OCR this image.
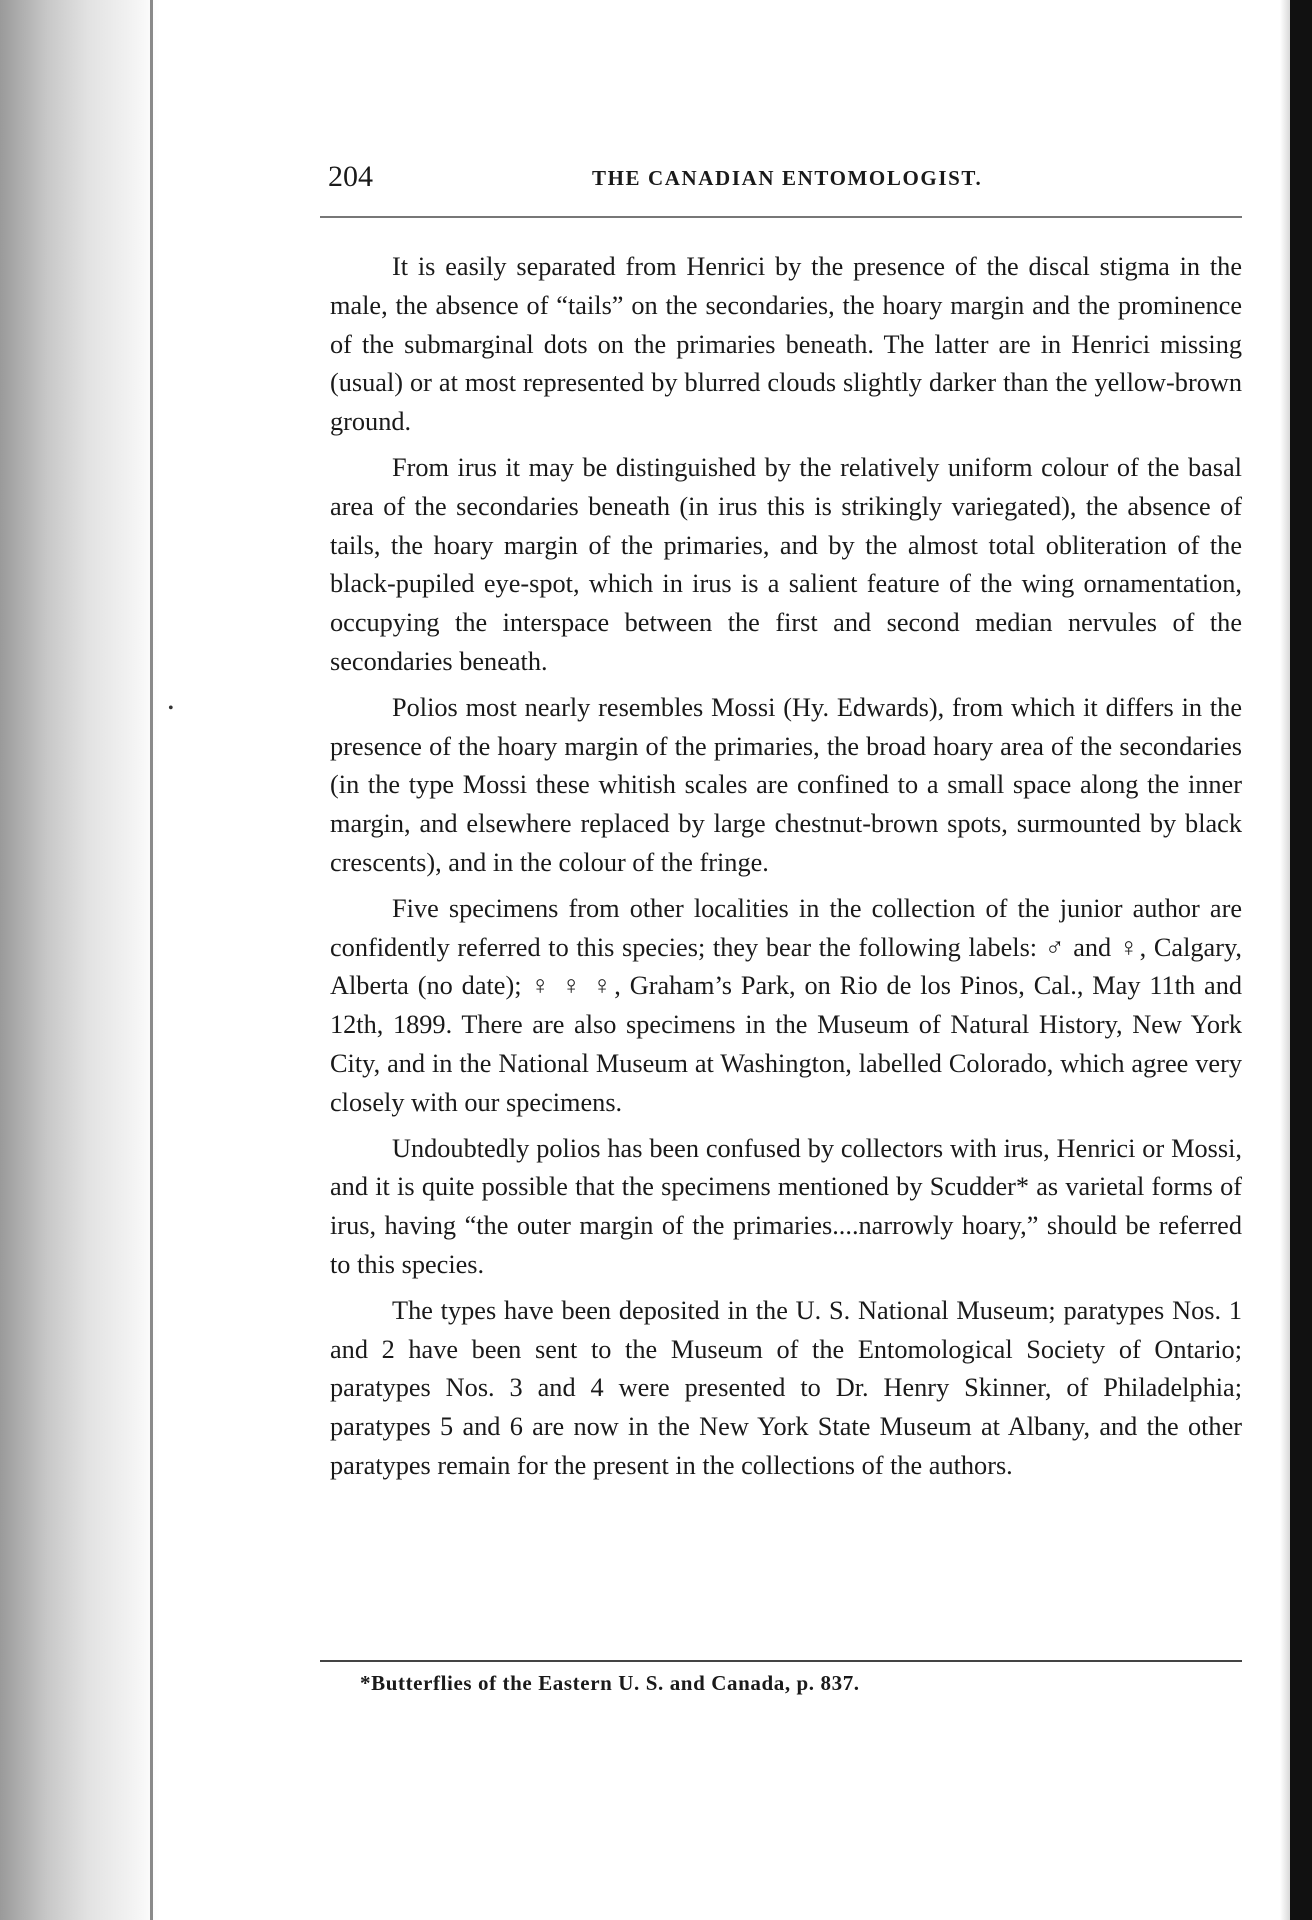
•
204	THE CANADIAN ENTOMOLOGIST.

It is easily separated from Henrici by the presence of the discal stigma in the male, the absence of “tails” on the secondaries, the hoary margin and the prominence of the submarginal dots on the primaries beneath. The latter are in Henrici missing (usual) or at most represented by blurred clouds slightly darker than the yellow-brown ground.

From irus it may be distinguished by the relatively uniform colour of the basal area of the secondaries beneath (in irus this is strikingly variegated), the absence of tails, the hoary margin of the primaries, and by the almost total obliteration of the black-pupiled eye-spot, which in irus is a salient feature of the wing ornamentation, occupying the interspace between the first and second median nervules of the secondaries beneath.

Polios most nearly resembles Mossi (Hy. Edwards), from which it differs in the presence of the hoary margin of the primaries, the broad hoary area of the secondaries (in the type Mossi these whitish scales are confined to a small space along the inner margin, and elsewhere replaced by large chestnut-brown spots, surmounted by black crescents), and in the colour of the fringe.

Five specimens from other localities in the collection of the junior author are confidently referred to this species; they bear the following labels: ♂ and ♀, Calgary, Alberta (no date); ♀ ♀ ♀, Graham’s Park, on Rio de los Pinos, Cal., May 11th and 12th, 1899. There are also specimens in the Museum of Natural History, New York City, and in the National Museum at Washington, labelled Colorado, which agree very closely with our specimens.

Undoubtedly polios has been confused by collectors with irus, Henrici or Mossi, and it is quite possible that the specimens mentioned by Scudder* as varietal forms of irus, having “the outer margin of the primaries....narrowly hoary,” should be referred to this species.

The types have been deposited in the U. S. National Museum; paratypes Nos. 1 and 2 have been sent to the Museum of the Entomological Society of Ontario; paratypes Nos. 3 and 4 were presented to Dr. Henry Skinner, of Philadelphia; paratypes 5 and 6 are now in the New York State Museum at Albany, and the other paratypes remain for the present in the collections of the authors.

*Butterflies of the Eastern U. S. and Canada, p. 837.
